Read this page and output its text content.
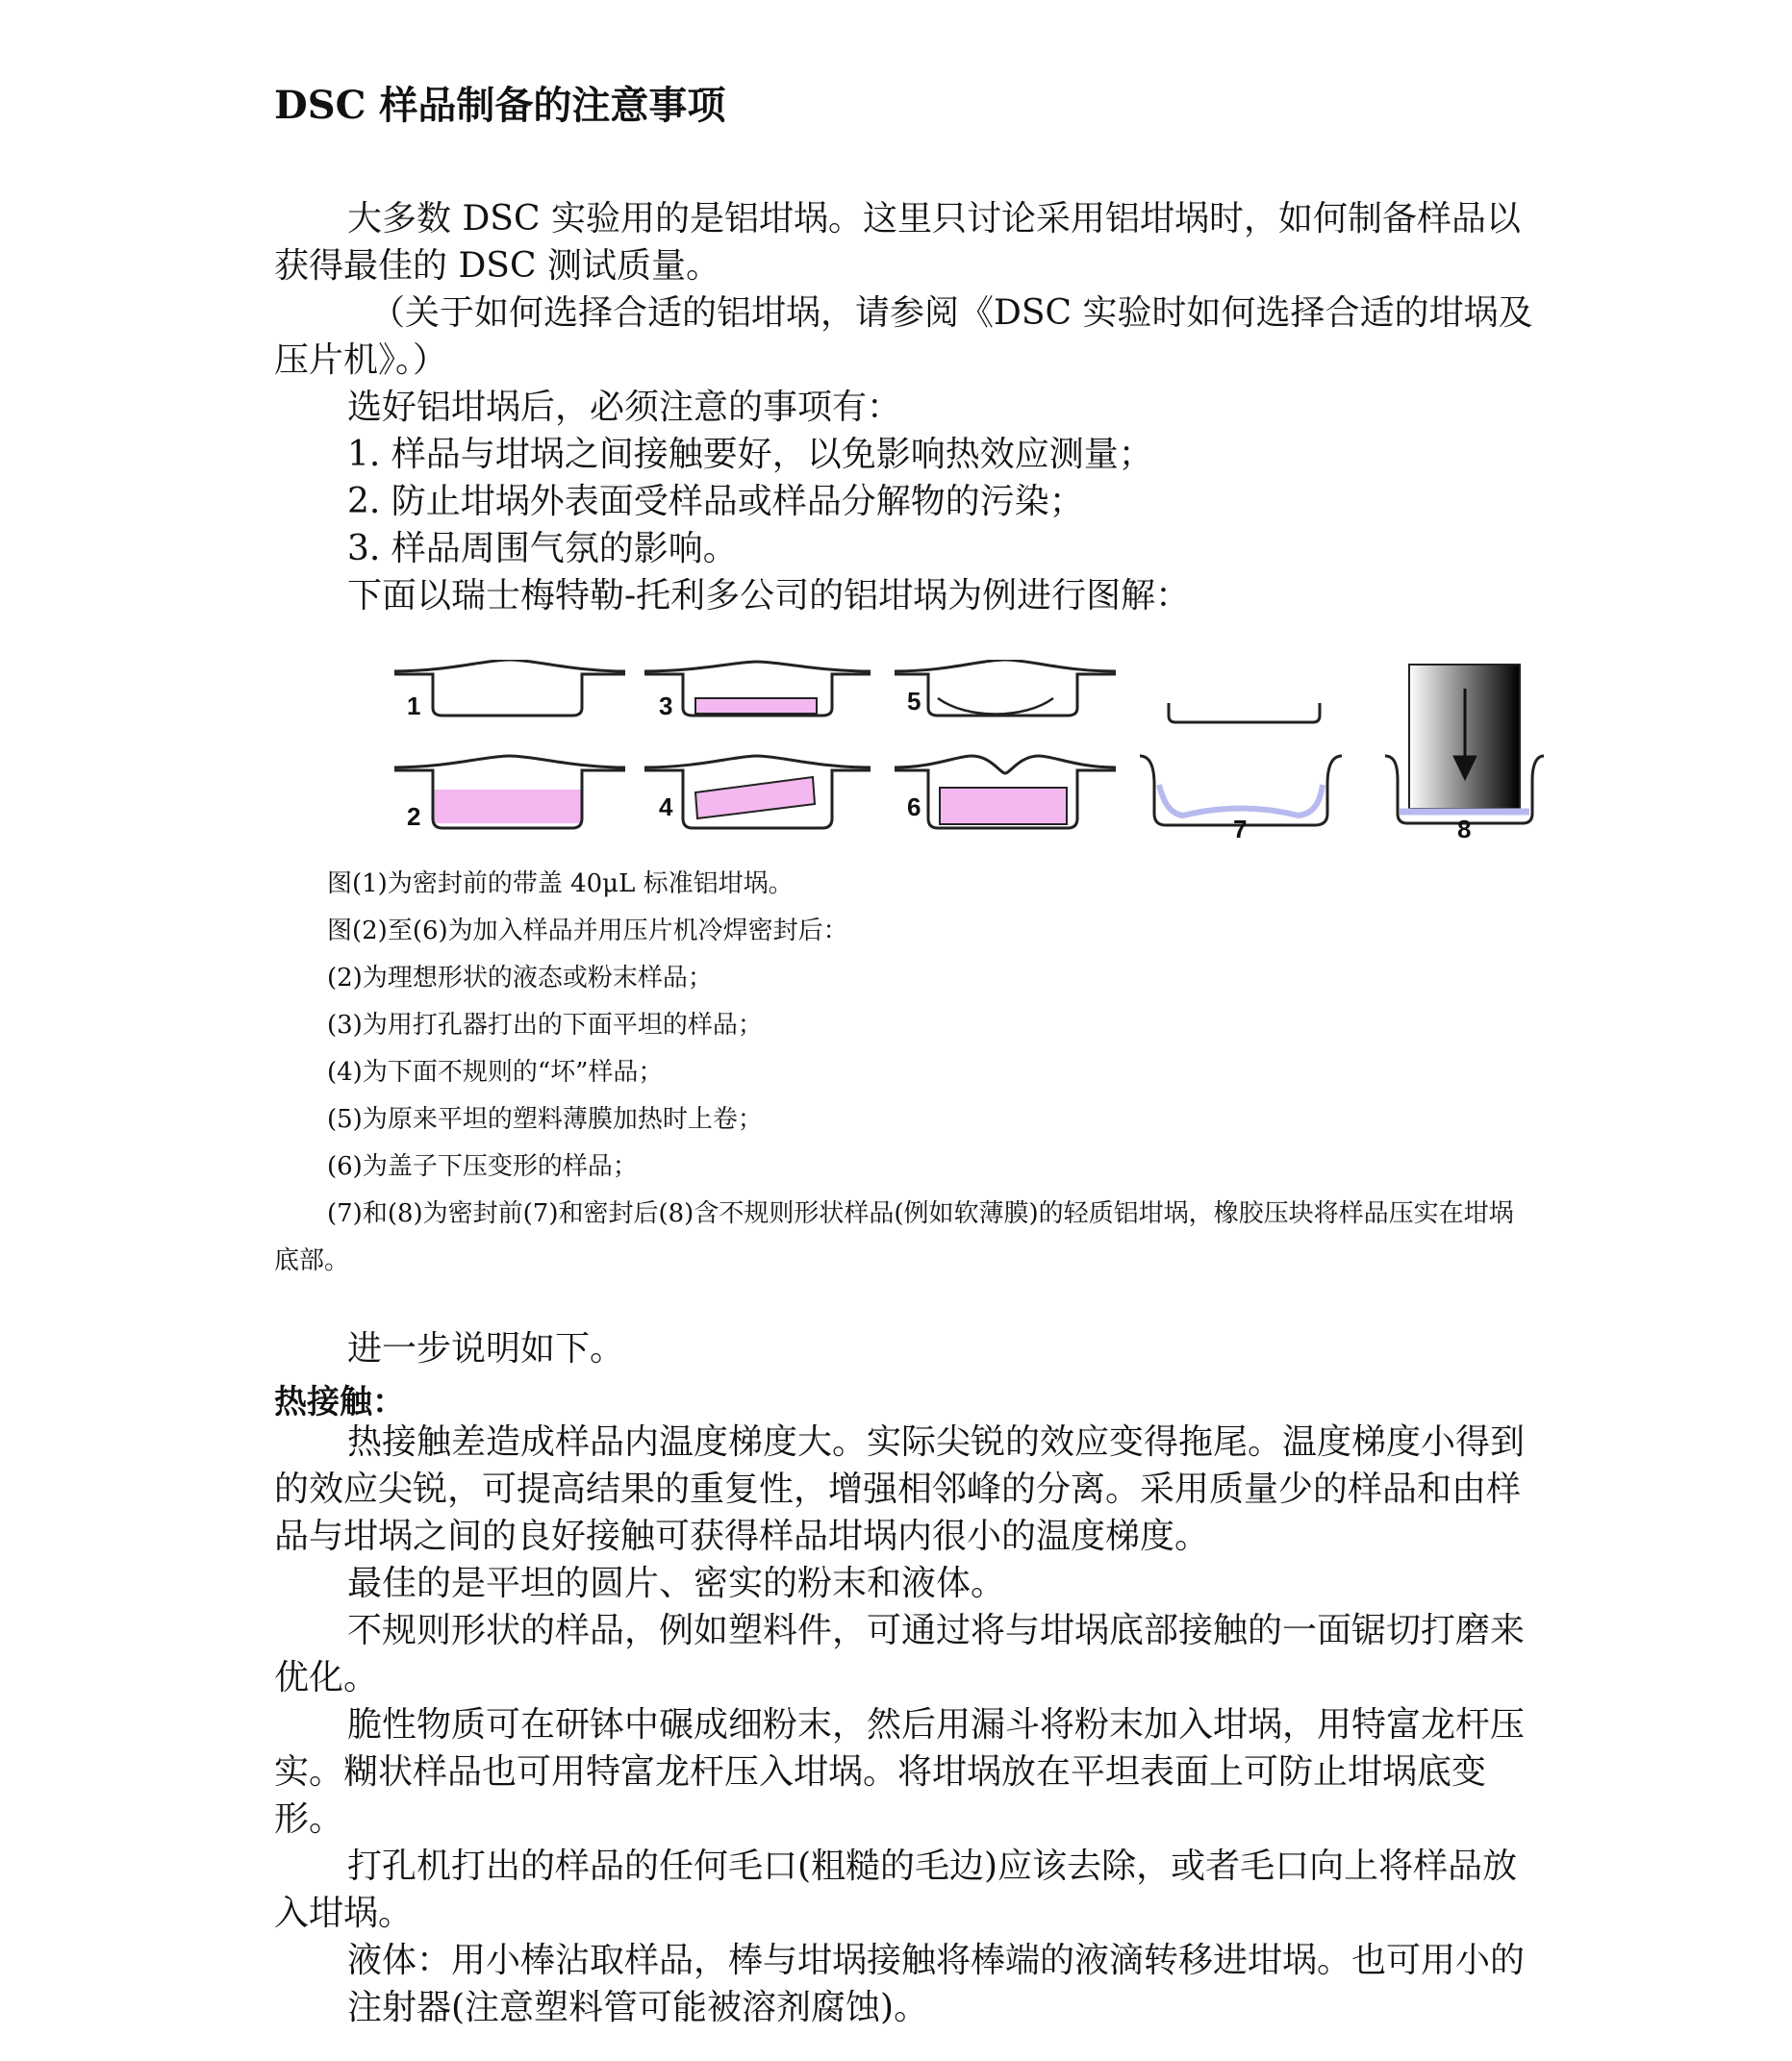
DSC 样品制备的注意事项

大多数 DSC 实验用的是铝坩埚。这里只讨论采用铝坩埚时，如何制备样品以获得最佳的 DSC 测试质量。

（关于如何选择合适的铝坩埚，请参阅《DSC 实验时如何选择合适的坩埚及压片机》。）

选好铝坩埚后，必须注意的事项有：

1. 样品与坩埚之间接触要好，以免影响热效应测量；

2. 防止坩埚外表面受样品或样品分解物的污染；

3. 样品周围气氛的影响。

下面以瑞士梅特勒-托利多公司的铝坩埚为例进行图解：

1
2
3
4
5
6
7	8

图(1)为密封前的带盖 40μL 标准铝坩埚。

图(2)至(6)为加入样品并用压片机冷焊密封后：

(2)为理想形状的液态或粉末样品；

(3)为用打孔器打出的下面平坦的样品；

(4)为下面不规则的“坏”样品；

(5)为原来平坦的塑料薄膜加热时上卷；

(6)为盖子下压变形的样品；

(7)和(8)为密封前(7)和密封后(8)含不规则形状样品(例如软薄膜)的轻质铝坩埚，橡胶压块将样品压实在坩埚底部。

进一步说明如下。

热接触：

热接触差造成样品内温度梯度大。实际尖锐的效应变得拖尾。温度梯度小得到的效应尖锐，可提高结果的重复性，增强相邻峰的分离。采用质量少的样品和由样品与坩埚之间的良好接触可获得样品坩埚内很小的温度梯度。

最佳的是平坦的圆片、密实的粉末和液体。

不规则形状的样品，例如塑料件，可通过将与坩埚底部接触的一面锯切打磨来优化。

脆性物质可在研钵中碾成细粉末，然后用漏斗将粉末加入坩埚，用特富龙杆压实。糊状样品也可用特富龙杆压入坩埚。将坩埚放在平坦表面上可防止坩埚底变形。

打孔机打出的样品的任何毛口(粗糙的毛边)应该去除，或者毛口向上将样品放入坩埚。

液体：用小棒沾取样品，棒与坩埚接触将棒端的液滴转移进坩埚。也可用小的注射器(注意塑料管可能被溶剂腐蚀)。
